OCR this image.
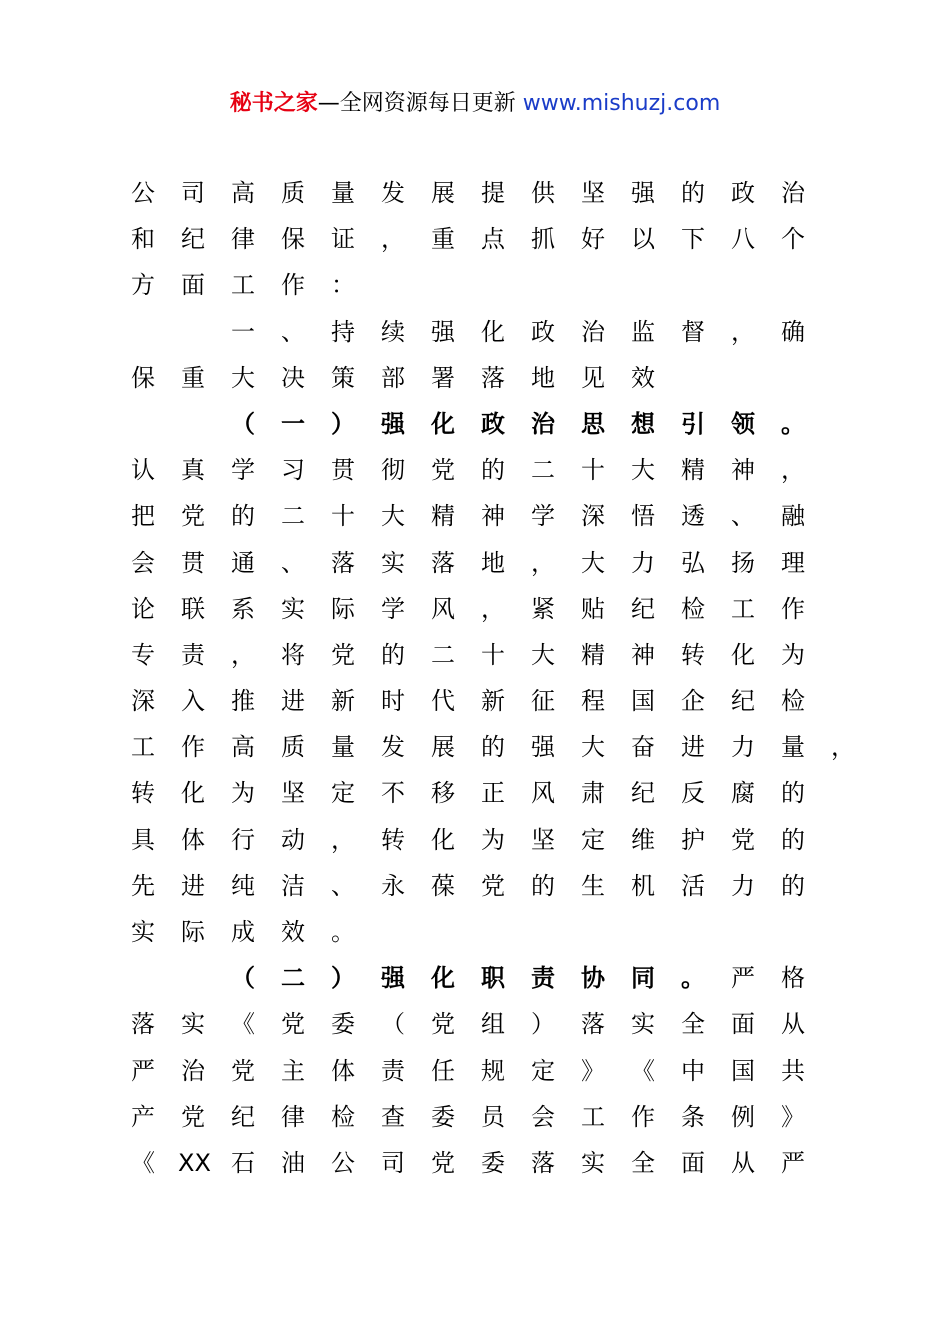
秘书之家—全网资源每日更新 www.mishuzj.com
公 司 高 质 量 发 展 提 供 坚 强 的 政 治
和 纪 律 保 证 ， 重 点 抓 好 以 下 八 个
方 面 工 作 ：
一 、 持 续 强 化 政 治 监 督 ， 确
保 重 大 决 策 部 署 落 地 见 效
（ 一 ） 强 化 政 治 思 想 引 领 。
认 真 学 习 贯 彻 党 的 二 十 大 精 神 ，
把 党 的 二 十 大 精 神 学 深 悟 透 、 融
会 贯 通 、 落 实 落 地 ， 大 力 弘 扬 理
论 联 系 实 际 学 风 ， 紧 贴 纪 检 工 作
专 责 ， 将 党 的 二 十 大 精 神 转 化 为
深 入 推 进 新 时 代 新 征 程 国 企 纪 检
工 作 高 质 量 发 展 的 强 大 奋 进 力 量 ，
转 化 为 坚 定 不 移 正 风 肃 纪 反 腐 的
具 体 行 动 ， 转 化 为 坚 定 维 护 党 的
先 进 纯 洁 、 永 葆 党 的 生 机 活 力 的
实 际 成 效 。
（ 二 ） 强 化 职 责 协 同 。 严 格
落 实 《 党 委 （ 党 组 ） 落 实 全 面 从
严 治 党 主 体 责 任 规 定 》 《 中 国 共
产 党 纪 律 检 查 委 员 会 工 作 条 例 》
《 XX 石 油 公 司 党 委 落 实 全 面 从 严
